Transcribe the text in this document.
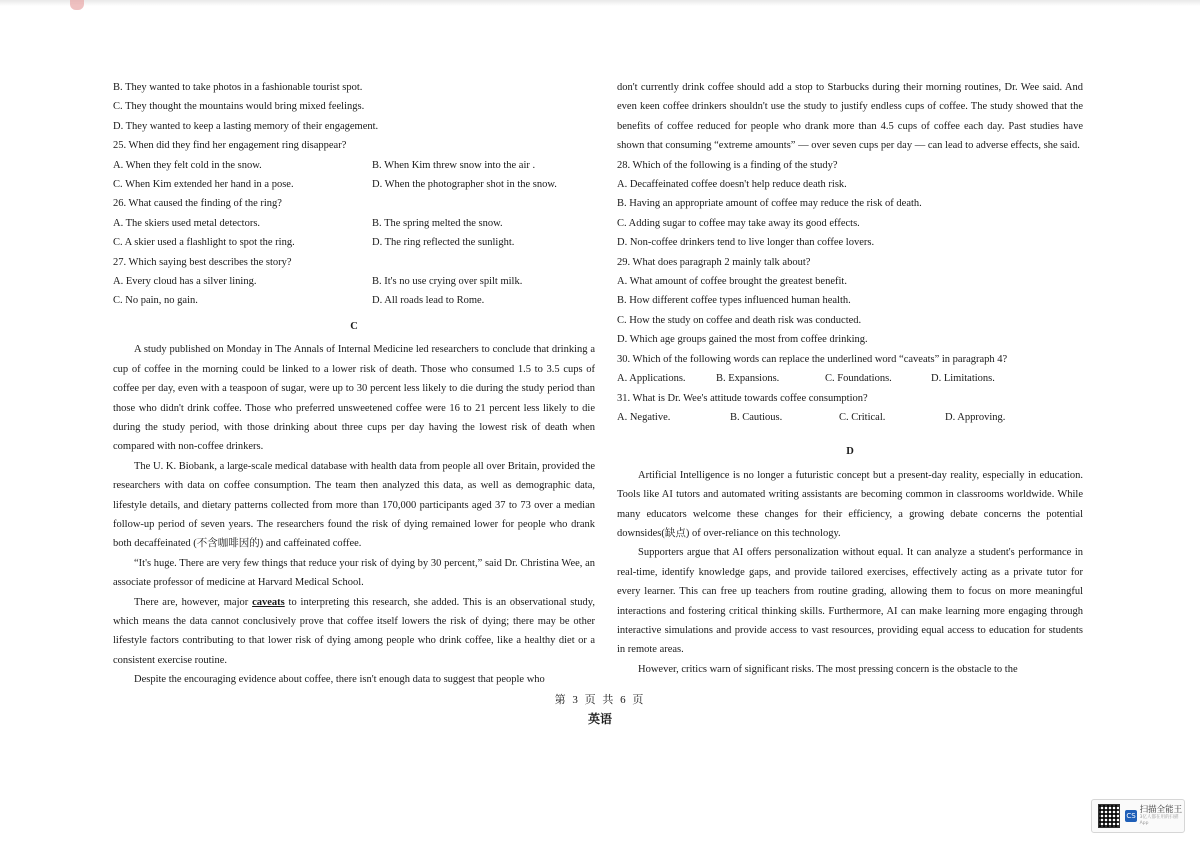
B. They wanted to take photos in a fashionable tourist spot.
C. They thought the mountains would bring mixed feelings.
D. They wanted to keep a lasting memory of their engagement.
25. When did they find her engagement ring disappear?
A. When they felt cold in the snow.	B. When Kim threw snow into the air .
C. When Kim extended her hand in a pose.	D. When the photographer shot in the snow.
26. What caused the finding of the ring?
A. The skiers used metal detectors.	B. The spring melted the snow.
C. A skier used a flashlight to spot the ring.	D. The ring reflected the sunlight.
27. Which saying best describes the story?
A. Every cloud has a silver lining.	B. It's no use crying over spilt milk.
C. No pain, no gain.	D. All roads lead to Rome.
C

A study published on Monday in The Annals of Internal Medicine led researchers to conclude that drinking a cup of coffee in the morning could be linked to a lower risk of death. Those who consumed 1.5 to 3.5 cups of coffee per day, even with a teaspoon of sugar, were up to 30 percent less likely to die during the study period than those who didn't drink coffee. Those who preferred unsweetened coffee were 16 to 21 percent less likely to die during the study period, with those drinking about three cups per day having the lowest risk of death when compared with non-coffee drinkers.

The U. K. Biobank, a large-scale medical database with health data from people all over Britain, provided the researchers with data on coffee consumption. The team then analyzed this data, as well as demographic data, lifestyle details, and dietary patterns collected from more than 170,000 participants aged 37 to 73 over a median follow-up period of seven years. The researchers found the risk of dying remained lower for people who drank both decaffeinated (不含咖啡因的) and caffeinated coffee.

“It's huge. There are very few things that reduce your risk of dying by 30 percent,” said Dr. Christina Wee, an associate professor of medicine at Harvard Medical School.

There are, however, major caveats to interpreting this research, she added. This is an observational study, which means the data cannot conclusively prove that coffee itself lowers the risk of dying; there may be other lifestyle factors contributing to that lower risk of dying among people who drink coffee, like a healthy diet or a consistent exercise routine.

Despite the encouraging evidence about coffee, there isn't enough data to suggest that people who

don't currently drink coffee should add a stop to Starbucks during their morning routines, Dr. Wee said. And even keen coffee drinkers shouldn't use the study to justify endless cups of coffee. The study showed that the benefits of coffee reduced for people who drank more than 4.5 cups of coffee each day. Past studies have shown that consuming “extreme amounts” — over seven cups per day — can lead to adverse effects, she said.

28. Which of the following is a finding of the study?
A. Decaffeinated coffee doesn't help reduce death risk.
B. Having an appropriate amount of coffee may reduce the risk of death.
C. Adding sugar to coffee may take away its good effects.
D. Non-coffee drinkers tend to live longer than coffee lovers.
29. What does paragraph 2 mainly talk about?
A. What amount of coffee brought the greatest benefit.
B. How different coffee types influenced human health.
C. How the study on coffee and death risk was conducted.
D. Which age groups gained the most from coffee drinking.
30. Which of the following words can replace the underlined word “caveats” in paragraph 4?
A. Applications.	B. Expansions.	C. Foundations.	D. Limitations.
31. What is Dr. Wee's attitude towards coffee consumption?
A. Negative.	B. Cautious.	C. Critical.	D. Approving.
D

Artificial Intelligence is no longer a futuristic concept but a present-day reality, especially in education. Tools like AI tutors and automated writing assistants are becoming common in classrooms worldwide. While many educators welcome these changes for their efficiency, a growing debate concerns the potential downsides(缺点) of over-reliance on this technology.

Supporters argue that AI offers personalization without equal. It can analyze a student's performance in real-time, identify knowledge gaps, and provide tailored exercises, effectively acting as a private tutor for every learner. This can free up teachers from routine grading, allowing them to focus on more meaningful interactions and fostering critical thinking skills. Furthermore, AI can make learning more engaging through interactive simulations and provide access to vast resources, providing equal access to education for students in remote areas.

However, critics warn of significant risks. The most pressing concern is the obstacle to the

第 3 页 共 6 页
英语
CS
扫描全能王
3亿人都在用的扫描App
